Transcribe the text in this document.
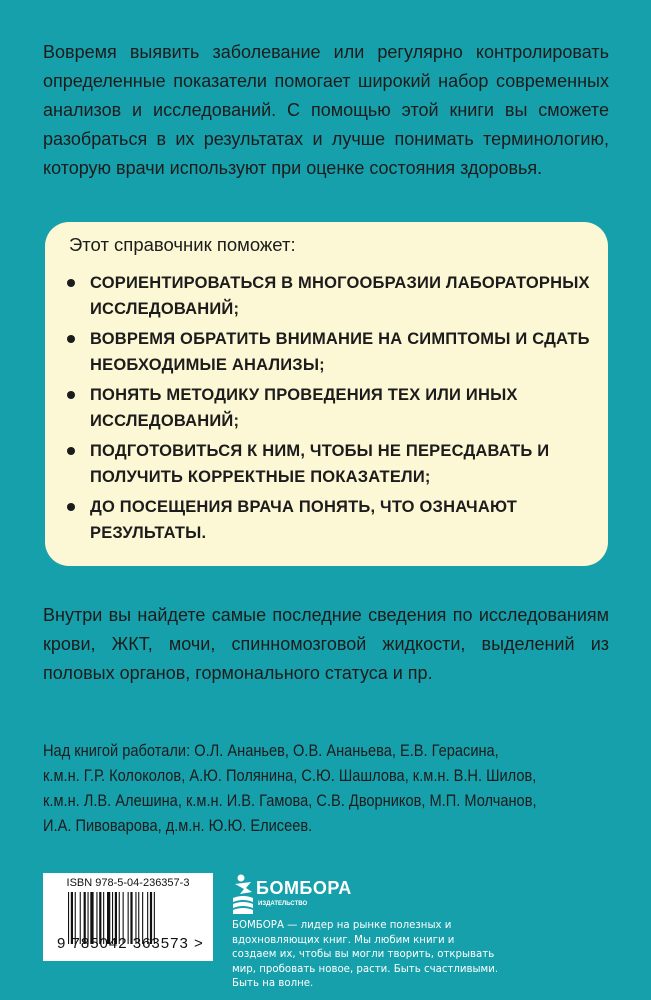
Вовремя выявить заболевание или регулярно контролировать определенные показатели помогает широкий набор современных анализов и исследований. С помощью этой книги вы сможете разобраться в их результатах и лучше понимать терминологию, которую врачи используют при оценке состояния здоровья.

Этот справочник поможет:

СОРИЕНТИРОВАТЬСЯ В МНОГООБРАЗИИ ЛАБОРАТОРНЫХ ИССЛЕДОВАНИЙ;
ВОВРЕМЯ ОБРАТИТЬ ВНИМАНИЕ НА СИМПТОМЫ И СДАТЬ НЕОБХОДИМЫЕ АНАЛИЗЫ;
ПОНЯТЬ МЕТОДИКУ ПРОВЕДЕНИЯ ТЕХ ИЛИ ИНЫХ ИССЛЕДОВАНИЙ;
ПОДГОТОВИТЬСЯ К НИМ, ЧТОБЫ НЕ ПЕРЕСДАВАТЬ И ПОЛУЧИТЬ КОРРЕКТНЫЕ ПОКАЗАТЕЛИ;
ДО ПОСЕЩЕНИЯ ВРАЧА ПОНЯТЬ, ЧТО ОЗНАЧАЮТ РЕЗУЛЬТАТЫ.

Внутри вы найдете самые последние сведения по исследованиям крови, ЖКТ, мочи, спинномозговой жидкости, выделений из половых органов, гормонального статуса и пр.

Над книгой работали: О.Л. Ананьев, О.В. Ананьева, Е.В. Герасина,
к.м.н. Г.Р. Колоколов, А.Ю. Полянина, С.Ю. Шашлова, к.м.н. В.Н. Шилов,
к.м.н. Л.В. Алешина, к.м.н. И.В. Гамова, С.В. Дворников, М.П. Молчанов,
И.А. Пивоварова, д.м.н. Ю.Ю. Елисеев.
ISBN 978-5-04-236357-3
9 785042 363573 >
БОМБОРА
ИЗДАТЕЛЬСТВО

БОМБОРА — лидер на рынке полезных и вдохновляющих книг. Мы любим книги и создаем их, чтобы вы могли творить, открывать мир, пробовать новое, расти. Быть счастливыми. Быть на волне.
